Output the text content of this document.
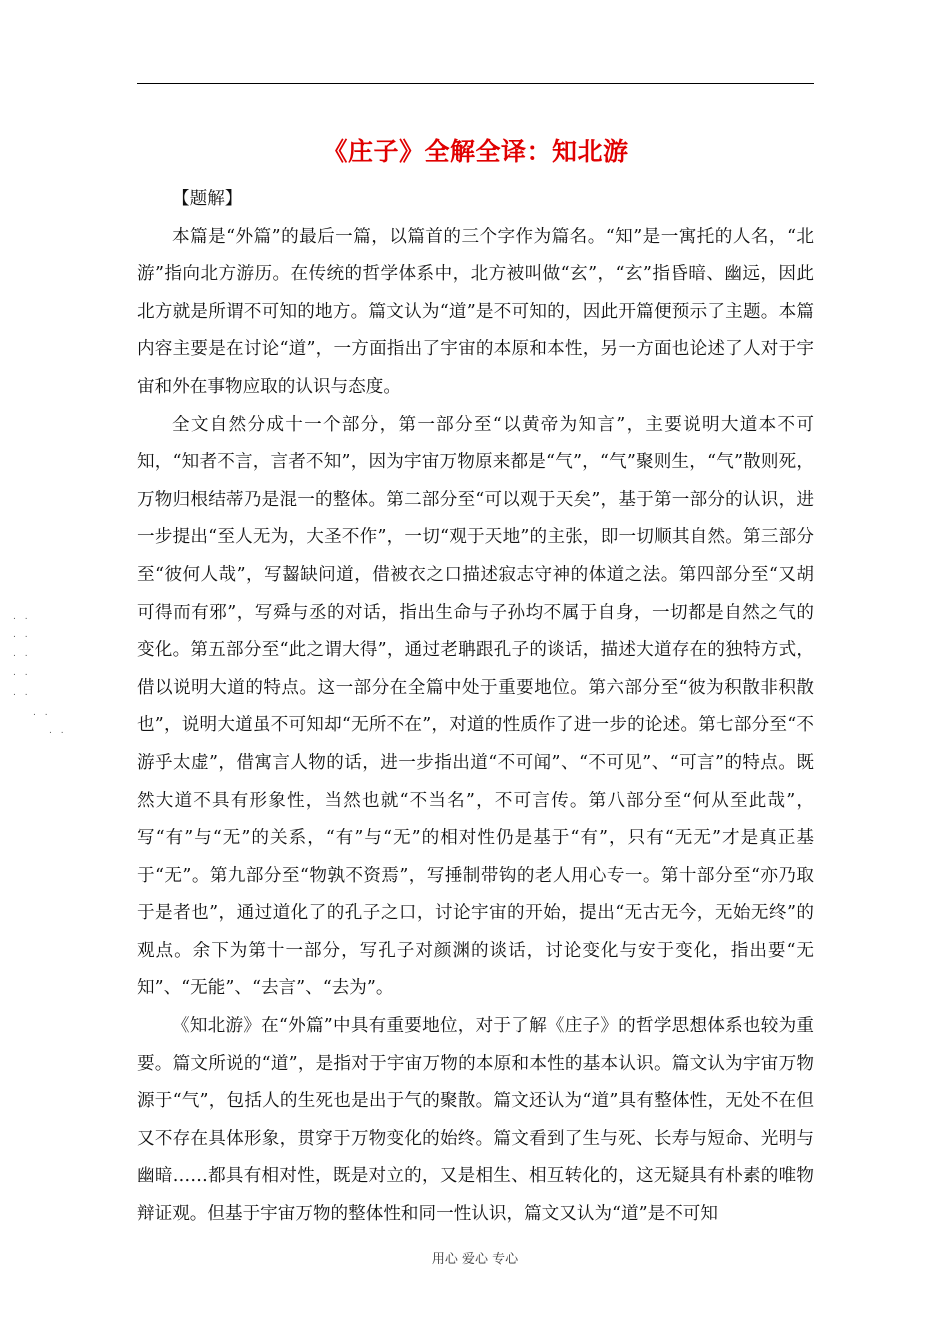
《庄子》全解全译：知北游

【题解】

本篇是“外篇”的最后一篇，以篇首的三个字作为篇名。“知”是一寓托的人名，“北游”指向北方游历。在传统的哲学体系中，北方被叫做“玄”，“玄”指昏暗、幽远，因此北方就是所谓不可知的地方。篇文认为“道”是不可知的，因此开篇便预示了主题。本篇内容主要是在讨论“道”，一方面指出了宇宙的本原和本性，另一方面也论述了人对于宇宙和外在事物应取的认识与态度。

全文自然分成十一个部分，第一部分至“以黄帝为知言”，主要说明大道本不可知，“知者不言，言者不知”，因为宇宙万物原来都是“气”，“气”聚则生，“气”散则死，万物归根结蒂乃是混一的整体。第二部分至“可以观于天矣”，基于第一部分的认识，进一步提出“至人无为，大圣不作”，一切“观于天地”的主张，即一切顺其自然。第三部分至“彼何人哉”，写齧缺问道，借被衣之口描述寂志守神的体道之法。第四部分至“又胡可得而有邪”，写舜与丞的对话，指出生命与子孙均不属于自身，一切都是自然之气的变化。第五部分至“此之谓大得”，通过老聃跟孔子的谈话，描述大道存在的独特方式，借以说明大道的特点。这一部分在全篇中处于重要地位。第六部分至“彼为积散非积散也”，说明大道虽不可知却“无所不在”，对道的性质作了进一步的论述。第七部分至“不游乎太虚”，借寓言人物的话，进一步指出道“不可闻”、“不可见”、“可言”的特点。既然大道不具有形象性，当然也就“不当名”，不可言传。第八部分至“何从至此哉”，写“有”与“无”的关系，“有”与“无”的相对性仍是基于“有”，只有“无无”才是真正基于“无”。第九部分至“物孰不资焉”，写捶制带钩的老人用心专一。第十部分至“亦乃取于是者也”，通过道化了的孔子之口，讨论宇宙的开始，提出“无古无今，无始无终”的观点。余下为第十一部分，写孔子对颜渊的谈话，讨论变化与安于变化，指出要“无知”、“无能”、“去言”、“去为”。

《知北游》在“外篇”中具有重要地位，对于了解《庄子》的哲学思想体系也较为重要。篇文所说的“道”，是指对于宇宙万物的本原和本性的基本认识。篇文认为宇宙万物源于“气”，包括人的生死也是出于气的聚散。篇文还认为“道”具有整体性，无处不在但又不存在具体形象，贯穿于万物变化的始终。篇文看到了生与死、长寿与短命、光明与幽暗……都具有相对性，既是对立的，又是相生、相互转化的，这无疑具有朴素的唯物辩证观。但基于宇宙万物的整体性和同一性认识，篇文又认为“道”是不可知

. .
. .
. .
. .
. .
. .
. .
用心 爱心 专心
